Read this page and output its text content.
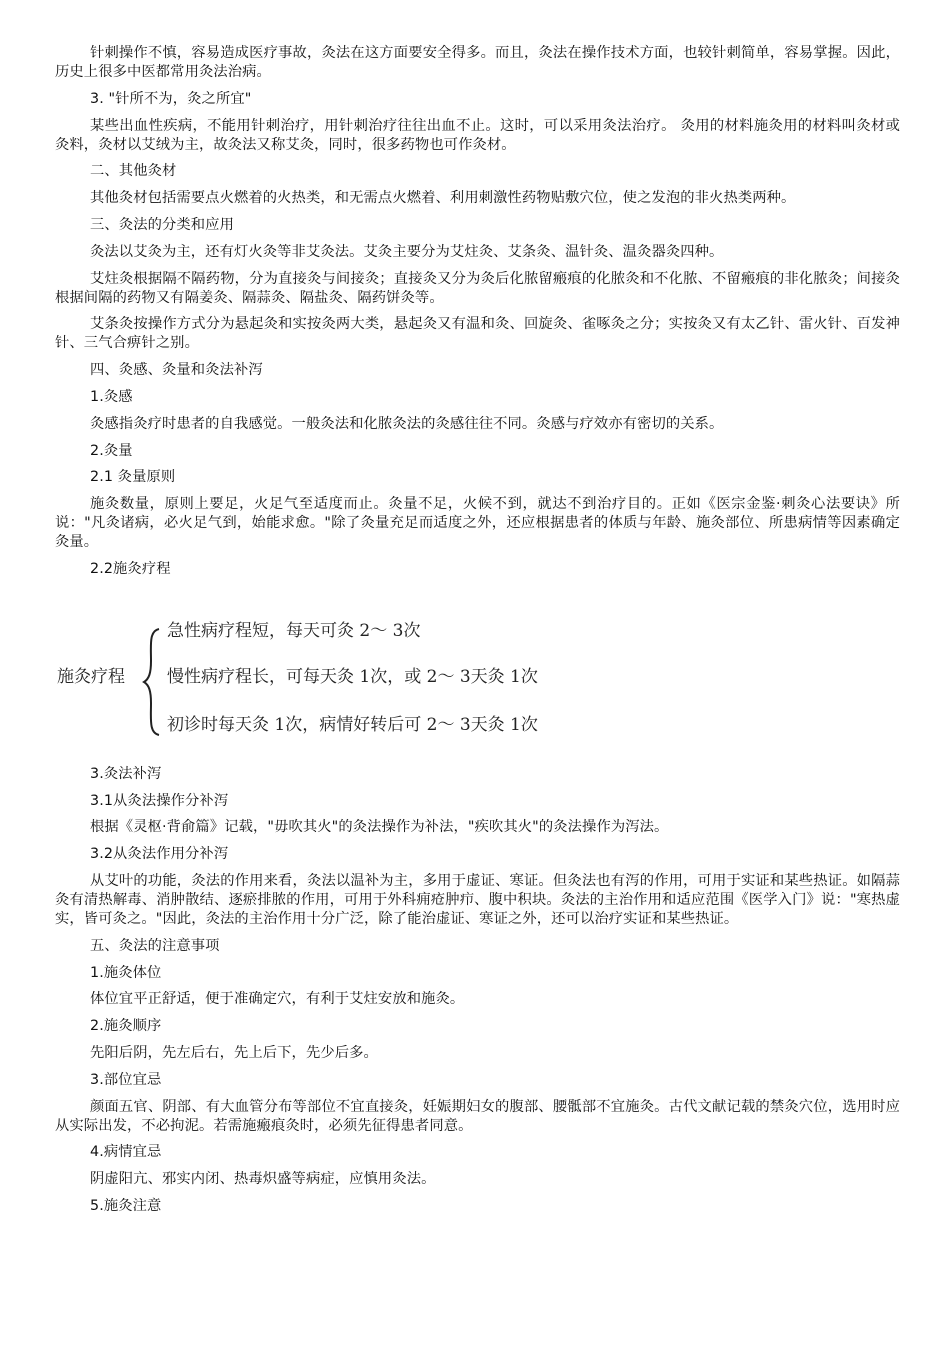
针刺操作不慎，容易造成医疗事故，灸法在这方面要安全得多。而且，灸法在操作技术方面，也较针刺简单，容易掌握。因此，历史上很多中医都常用灸法治病。

3. "针所不为，灸之所宜"

某些出血性疾病，不能用针刺治疗，用针刺治疗往往出血不止。这时，可以采用灸法治疗。 灸用的材料施灸用的材料叫灸材或灸料，灸材以艾绒为主，故灸法又称艾灸，同时，很多药物也可作灸材。

二、其他灸材

其他灸材包括需要点火燃着的火热类，和无需点火燃着、利用刺激性药物贴敷穴位，使之发泡的非火热类两种。

三、灸法的分类和应用

灸法以艾灸为主，还有灯火灸等非艾灸法。艾灸主要分为艾炷灸、艾条灸、温针灸、温灸器灸四种。

艾炷灸根据隔不隔药物，分为直接灸与间接灸；直接灸又分为灸后化脓留瘢痕的化脓灸和不化脓、不留瘢痕的非化脓灸；间接灸根据间隔的药物又有隔姜灸、隔蒜灸、隔盐灸、隔药饼灸等。

艾条灸按操作方式分为悬起灸和实按灸两大类，悬起灸又有温和灸、回旋灸、雀啄灸之分；实按灸又有太乙针、雷火针、百发神针、三气合痹针之别。

四、灸感、灸量和灸法补泻

1.灸感

灸感指灸疗时患者的自我感觉。一般灸法和化脓灸法的灸感往往不同。灸感与疗效亦有密切的关系。

2.灸量

2.1 灸量原则

施灸数量，原则上要足，火足气至适度而止。灸量不足，火候不到，就达不到治疗目的。正如《医宗金鉴·刺灸心法要诀》所说："凡灸诸病，必火足气到，始能求愈。"除了灸量充足而适度之外，还应根据患者的体质与年龄、施灸部位、所患病情等因素确定灸量。

2.2施灸疗程

施灸疗程
急性病疗程短，每天可灸 2～ 3次
慢性病疗程长，可每天灸 1次，或 2～ 3天灸 1次
初诊时每天灸 1次，病情好转后可 2～ 3天灸 1次

3.灸法补泻

3.1从灸法操作分补泻

根据《灵枢·背俞篇》记载，"毋吹其火"的灸法操作为补法，"疾吹其火"的灸法操作为泻法。

3.2从灸法作用分补泻

从艾叶的功能，灸法的作用来看，灸法以温补为主，多用于虚证、寒证。但灸法也有泻的作用，可用于实证和某些热证。如隔蒜灸有清热解毒、消肿散结、逐瘀排脓的作用，可用于外科痈疮肿疖、腹中积块。灸法的主治作用和适应范围《医学入门》说："寒热虚实，皆可灸之。"因此，灸法的主治作用十分广泛，除了能治虚证、寒证之外，还可以治疗实证和某些热证。

五、灸法的注意事项

1.施灸体位

体位宜平正舒适，便于准确定穴，有利于艾炷安放和施灸。

2.施灸顺序

先阳后阴，先左后右，先上后下，先少后多。

3.部位宜忌

颜面五官、阴部、有大血管分布等部位不宜直接灸，妊娠期妇女的腹部、腰骶部不宜施灸。古代文献记载的禁灸穴位，选用时应从实际出发，不必拘泥。若需施瘢痕灸时，必须先征得患者同意。

4.病情宜忌

阴虚阳亢、邪实内闭、热毒炽盛等病症，应慎用灸法。

5.施灸注意
